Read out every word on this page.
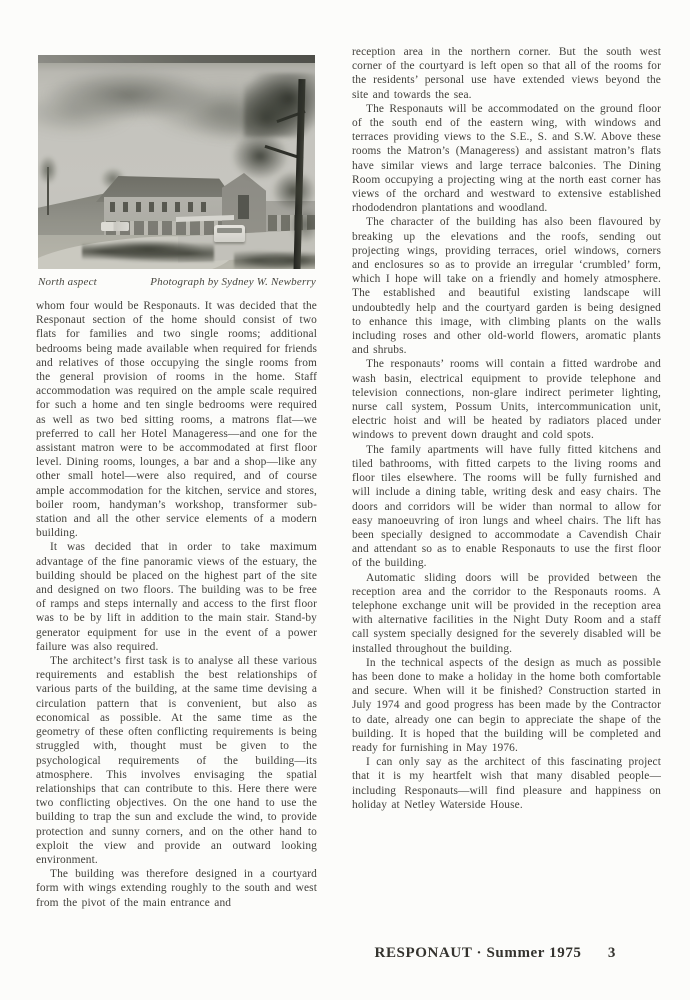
North aspect	Photograph by Sydney W. Newberry

whom four would be Responauts. It was decided that the Responaut section of the home should consist of two flats for families and two single rooms; additional bedrooms being made available when required for friends and relatives of those occupying the single rooms from the general provision of rooms in the home. Staff accommodation was required on the ample scale required for such a home and ten single bedrooms were required as well as two bed sitting rooms, a matrons flat—we preferred to call her Hotel Manageress—and one for the assistant matron were to be accommodated at first floor level. Dining rooms, lounges, a bar and a shop—like any other small hotel—were also required, and of course ample accommodation for the kitchen, service and stores, boiler room, handyman’s workshop, transformer sub-station and all the other service elements of a modern building.

It was decided that in order to take maximum advantage of the fine panoramic views of the estuary, the building should be placed on the highest part of the site and designed on two floors. The building was to be free of ramps and steps internally and access to the first floor was to be by lift in addition to the main stair. Stand-by generator equipment for use in the event of a power failure was also required.

The architect’s first task is to analyse all these various requirements and establish the best relationships of various parts of the building, at the same time devising a circulation pattern that is convenient, but also as economical as possible. At the same time as the geometry of these often conflicting requirements is being struggled with, thought must be given to the psychological requirements of the building—its atmosphere. This involves envisaging the spatial relationships that can contribute to this. Here there were two conflicting objectives. On the one hand to use the building to trap the sun and exclude the wind, to provide protection and sunny corners, and on the other hand to exploit the view and provide an outward looking environment.

The building was therefore designed in a courtyard form with wings extending roughly to the south and west from the pivot of the main entrance and

reception area in the northern corner. But the south west corner of the courtyard is left open so that all of the rooms for the residents’ personal use have extended views beyond the site and towards the sea.

The Responauts will be accommodated on the ground floor of the south end of the eastern wing, with windows and terraces providing views to the S.E., S. and S.W. Above these rooms the Matron’s (Manageress) and assistant matron’s flats have similar views and large terrace balconies. The Dining Room occupying a projecting wing at the north east corner has views of the orchard and westward to extensive established rhododendron plantations and woodland.

The character of the building has also been flavoured by breaking up the elevations and the roofs, sending out projecting wings, providing terraces, oriel windows, corners and enclosures so as to provide an irregular ‘crumbled’ form, which I hope will take on a friendly and homely atmosphere. The established and beautiful existing landscape will undoubtedly help and the courtyard garden is being designed to enhance this image, with climbing plants on the walls including roses and other old-world flowers, aromatic plants and shrubs.

The responauts’ rooms will contain a fitted wardrobe and wash basin, electrical equipment to provide telephone and television connections, non-glare indirect perimeter lighting, nurse call system, Possum Units, intercommunication unit, electric hoist and will be heated by radiators placed under windows to prevent down draught and cold spots.

The family apartments will have fully fitted kitchens and tiled bathrooms, with fitted carpets to the living rooms and floor tiles elsewhere. The rooms will be fully furnished and will include a dining table, writing desk and easy chairs. The doors and corridors will be wider than normal to allow for easy manoeuvring of iron lungs and wheel chairs. The lift has been specially designed to accommodate a Cavendish Chair and attendant so as to enable Responauts to use the first floor of the building.

Automatic sliding doors will be provided between the reception area and the corridor to the Responauts rooms. A telephone exchange unit will be provided in the reception area with alternative facilities in the Night Duty Room and a staff call system specially designed for the severely disabled will be installed throughout the building.

In the technical aspects of the design as much as possible has been done to make a holiday in the home both comfortable and secure. When will it be finished? Construction started in July 1974 and good progress has been made by the Contractor to date, already one can begin to appreciate the shape of the building. It is hoped that the building will be completed and ready for furnishing in May 1976.

I can only say as the architect of this fascinating project that it is my heartfelt wish that many disabled people—including Responauts—will find pleasure and happiness on holiday at Netley Waterside House.

RESPONAUT · Summer 1975 3
